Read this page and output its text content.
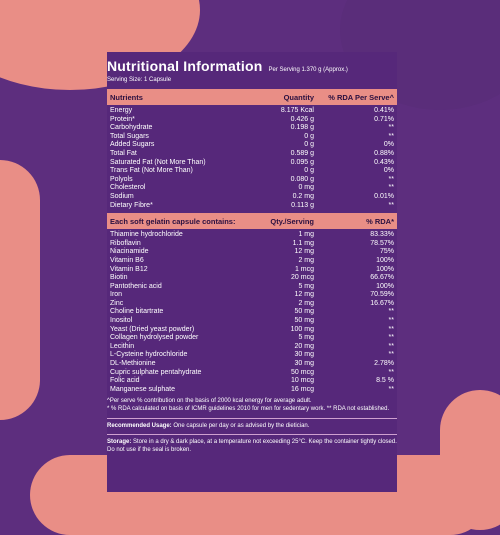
Nutritional Information Per Serving 1.370 g (Approx.)
Serving Size: 1 Capsule
Nutrients	Quantity	% RDA Per Serve^
Energy	8.175 Kcal	0.41%
Protein*	0.426 g	0.71%
Carbohydrate	0.198 g	**
Total Sugars	0 g	**
Added Sugars	0 g	0%
Total Fat	0.589 g	0.88%
Saturated Fat (Not More Than)	0.095 g	0.43%
Trans Fat (Not More Than)	0 g	0%
Polyols	0.080 g	**
Cholesterol	0 mg	**
Sodium	0.2 mg	0.01%
Dietary Fibre*	0.113 g	**
Each soft gelatin capsule contains:	Qty./Serving	% RDA*
Thiamine hydrochloride	1 mg	83.33%
Riboflavin	1.1 mg	78.57%
Niacinamide	12 mg	75%
Vitamin B6	2 mg	100%
Vitamin B12	1 mcg	100%
Biotin	20 mcg	66.67%
Pantothenic acid	5 mg	100%
Iron	12 mg	70.59%
Zinc	2 mg	16.67%
Choline bitartrate	50 mg	**
Inositol	50 mg	**
Yeast (Dried yeast powder)	100 mg	**
Collagen hydrolysed powder	5 mg	**
Lecithin	20 mg	**
L-Cysteine hydrochloride	30 mg	**
DL-Methionine	30 mg	2.78%
Cupric sulphate pentahydrate	50 mcg	**
Folic acid	10 mcg	8.5 %
Manganese sulphate	16 mcg	**
^Per serve % contribution on the basis of 2000 kcal energy for average adult.
* % RDA calculated on basis of ICMR guidelines 2010 for men for sedentary work. ** RDA not established.
Recommended Usage: One capsule per day or as advised by the dietician.
Storage: Store in a dry & dark place, at a temperature not exceeding 25°C. Keep the container tightly closed. Do not use if the seal is broken.
